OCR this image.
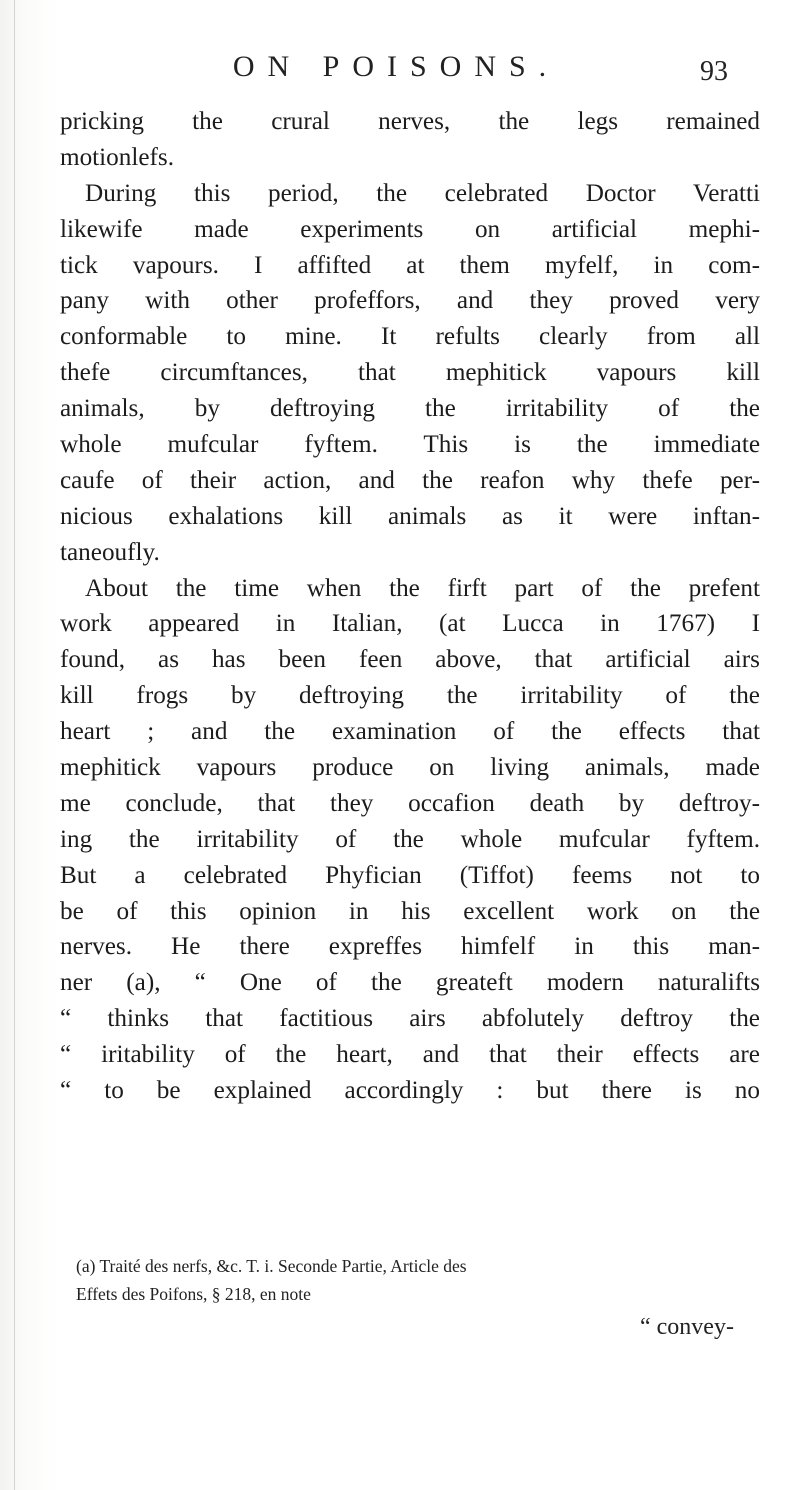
ON POISONS.	93
pricking the crural nerves, the legs remained
motionlefs.
During this period, the celebrated Doctor Veratti
likewife made experiments on artificial mephi-
tick vapours. I affifted at them myfelf, in com-
pany with other profeffors, and they proved very
conformable to mine. It refults clearly from all
thefe circumftances, that mephitick vapours kill
animals, by deftroying the irritability of the
whole mufcular fyftem. This is the immediate
caufe of their action, and the reafon why thefe per-
nicious exhalations kill animals as it were inftan-
taneoufly.
About the time when the firft part of the prefent
work appeared in Italian, (at Lucca in 1767) I
found, as has been feen above, that artificial airs
kill frogs by deftroying the irritability of the
heart ; and the examination of the effects that
mephitick vapours produce on living animals, made
me conclude, that they occafion death by deftroy-
ing the irritability of the whole mufcular fyftem.
But a celebrated Phyfician (Tiffot) feems not to
be of this opinion in his excellent work on the
nerves. He there expreffes himfelf in this man-
ner (a), “ One of the greateft modern naturalifts
“ thinks that factitious airs abfolutely deftroy the
“ iritability of the heart, and that their effects are
“ to be explained accordingly : but there is no
(a) Traité des nerfs, &c. T. i. Seconde Partie, Article des
Effets des Poifons, § 218, en note
“ convey-
